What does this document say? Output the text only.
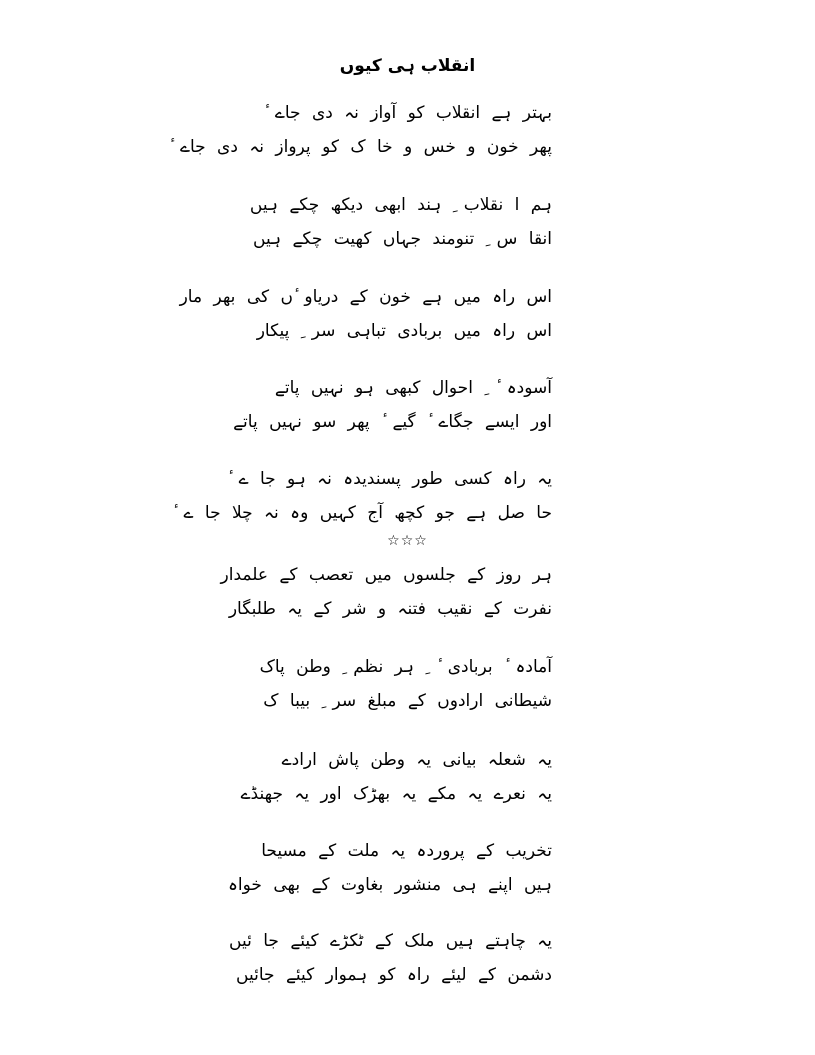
انقلاب ہی کیوں
بہتر ہے انقلاب کو آواز نہ دی جاے ٔ
پھر خون و خس و خا ک کو پرواز نہ دی جاے ٔ
ہم ا نقلاب ِ ہند ابھی دیکھ چکے ہیں
انقا س ِ تنومند جہاں کھیت چکے ہیں
اس راہ میں ہے خون کے دریاو ٔں کی بھر مار
اس راہ میں بربادی تباہی سر ِ پیکار
آسودہ ٔ ِ احوال کبھی ہو نہیں پاتے
اور ایسے جگاے ٔ گیے ٔ پھر سو نہیں پاتے
یہ راہ کسی طور پسندیدہ نہ ہو جا ے ٔ
حا صل ہے جو کچھ آج کہیں وہ نہ چلا جا ے ٔ
☆☆☆
ہر روز کے جلسوں میں تعصب کے علمدار
نفرت کے نقیب فتنہ و شر کے یہ طلبگار
آمادہ ٔ بربادی ٔ ِ ہر نظم ِ وطن پاک
شیطانی ارادوں کے مبلغ سر ِ بیبا ک
یہ شعلہ بیانی یہ وطن پاش ارادے
یہ نعرے یہ مکے یہ بھڑک اور یہ جھنڈے
تخریب کے پروردہ یہ ملت کے مسیحا
ہیں اپنے ہی منشور بغاوت کے بھی خواہ
یہ چاہتے ہیں ملک کے ٹکڑے کیئے جا ئیں
دشمن کے لیئے راہ کو ہموار کیئے جائیں
